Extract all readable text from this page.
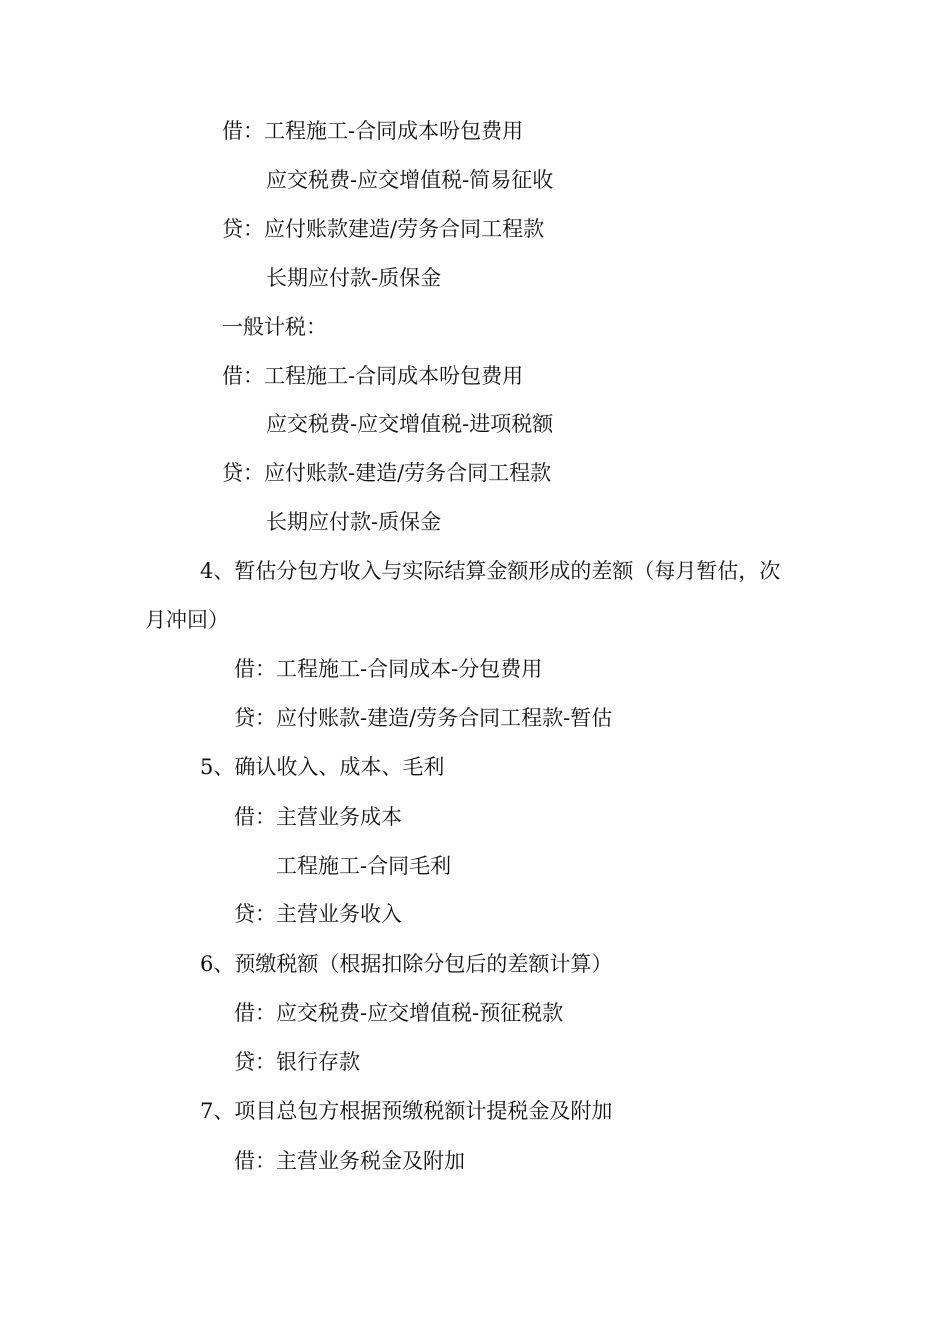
借：工程施工-合同成本吩包费用
应交税费-应交增值税-简易征收
贷：应付账款建造/劳务合同工程款
长期应付款-质保金
一般计税：
借：工程施工-合同成本吩包费用
应交税费-应交增值税-进项税额
贷：应付账款-建造/劳务合同工程款
长期应付款-质保金
4、暂估分包方收入与实际结算金额形成的差额（每月暂估，次
月冲回）
借：工程施工-合同成本-分包费用
贷：应付账款-建造/劳务合同工程款-暂估
5、确认收入、成本、毛利
借：主营业务成本
工程施工-合同毛利
贷：主营业务收入
6、预缴税额（根据扣除分包后的差额计算）
借：应交税费-应交增值税-预征税款
贷：银行存款
7、项目总包方根据预缴税额计提税金及附加
借：主营业务税金及附加
